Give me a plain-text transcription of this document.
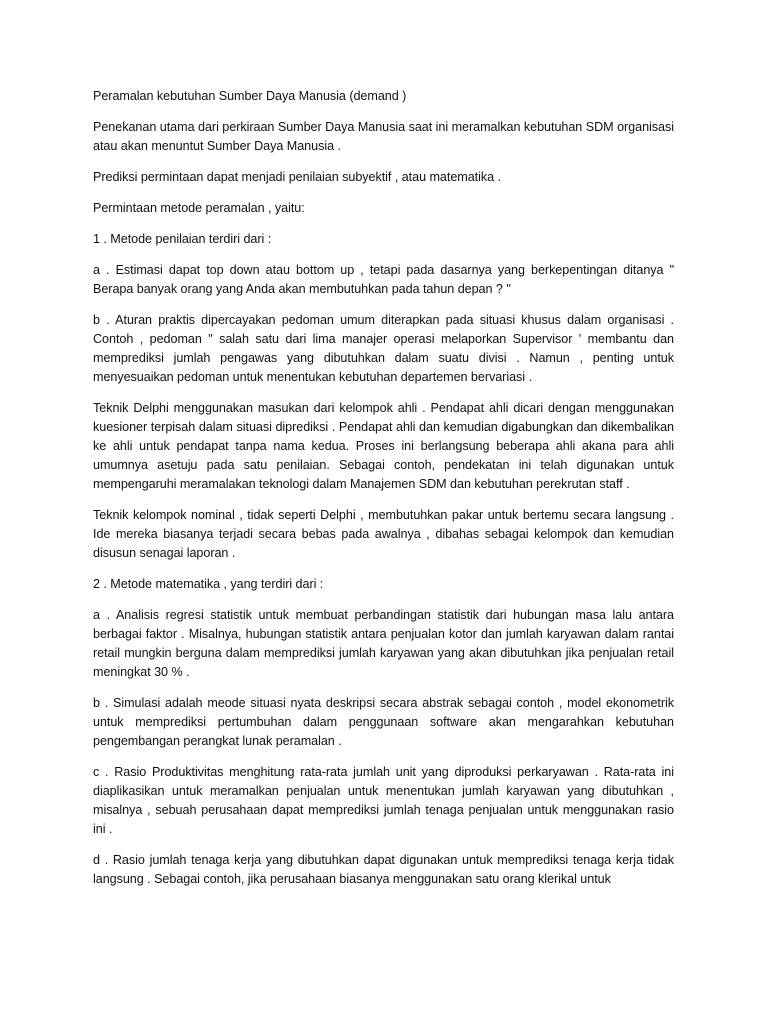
Peramalan kebutuhan Sumber Daya Manusia (demand )

Penekanan utama dari perkiraan Sumber Daya Manusia saat ini meramalkan kebutuhan SDM organisasi atau akan menuntut Sumber Daya Manusia .

Prediksi permintaan dapat menjadi penilaian subyektif , atau matematika .

Permintaan metode peramalan , yaitu:

1 . Metode penilaian terdiri dari :

a . Estimasi dapat top down atau bottom up , tetapi pada dasarnya yang berkepentingan ditanya " Berapa banyak orang yang Anda akan membutuhkan pada tahun depan ? "

b . Aturan praktis dipercayakan pedoman umum diterapkan pada situasi khusus dalam organisasi . Contoh , pedoman " salah satu dari lima manajer operasi melaporkan Supervisor ' membantu dan memprediksi jumlah pengawas yang dibutuhkan dalam suatu divisi . Namun , penting untuk menyesuaikan pedoman untuk menentukan kebutuhan departemen bervariasi .

Teknik Delphi menggunakan masukan dari kelompok ahli . Pendapat ahli dicari dengan menggunakan kuesioner terpisah dalam situasi diprediksi . Pendapat ahli dan kemudian digabungkan dan dikembalikan ke ahli untuk pendapat tanpa nama kedua. Proses ini berlangsung beberapa ahli akana para ahli umumnya asetuju pada satu penilaian. Sebagai contoh, pendekatan ini telah digunakan untuk mempengaruhi meramalakan teknologi dalam Manajemen SDM dan kebutuhan perekrutan staff .

Teknik kelompok nominal , tidak seperti Delphi , membutuhkan pakar untuk bertemu secara langsung . Ide mereka biasanya terjadi secara bebas pada awalnya , dibahas sebagai kelompok dan kemudian disusun senagai laporan .

2 . Metode matematika , yang terdiri dari :

a . Analisis regresi statistik untuk membuat perbandingan statistik dari hubungan masa lalu antara berbagai faktor . Misalnya, hubungan statistik antara penjualan kotor dan jumlah karyawan dalam rantai retail mungkin berguna dalam memprediksi jumlah karyawan yang akan dibutuhkan jika penjualan retail meningkat 30 % .

b . Simulasi adalah meode situasi nyata deskripsi secara abstrak sebagai contoh , model ekonometrik untuk memprediksi pertumbuhan dalam penggunaan software akan mengarahkan kebutuhan pengembangan perangkat lunak peramalan .

c . Rasio Produktivitas menghitung rata-rata jumlah unit yang diproduksi perkaryawan . Rata-rata ini diaplikasikan untuk meramalkan penjualan untuk menentukan jumlah karyawan yang dibutuhkan , misalnya , sebuah perusahaan dapat memprediksi jumlah tenaga penjualan untuk menggunakan rasio ini .

d . Rasio jumlah tenaga kerja yang dibutuhkan dapat digunakan untuk memprediksi tenaga kerja tidak langsung . Sebagai contoh, jika perusahaan biasanya menggunakan satu orang klerikal untuk
